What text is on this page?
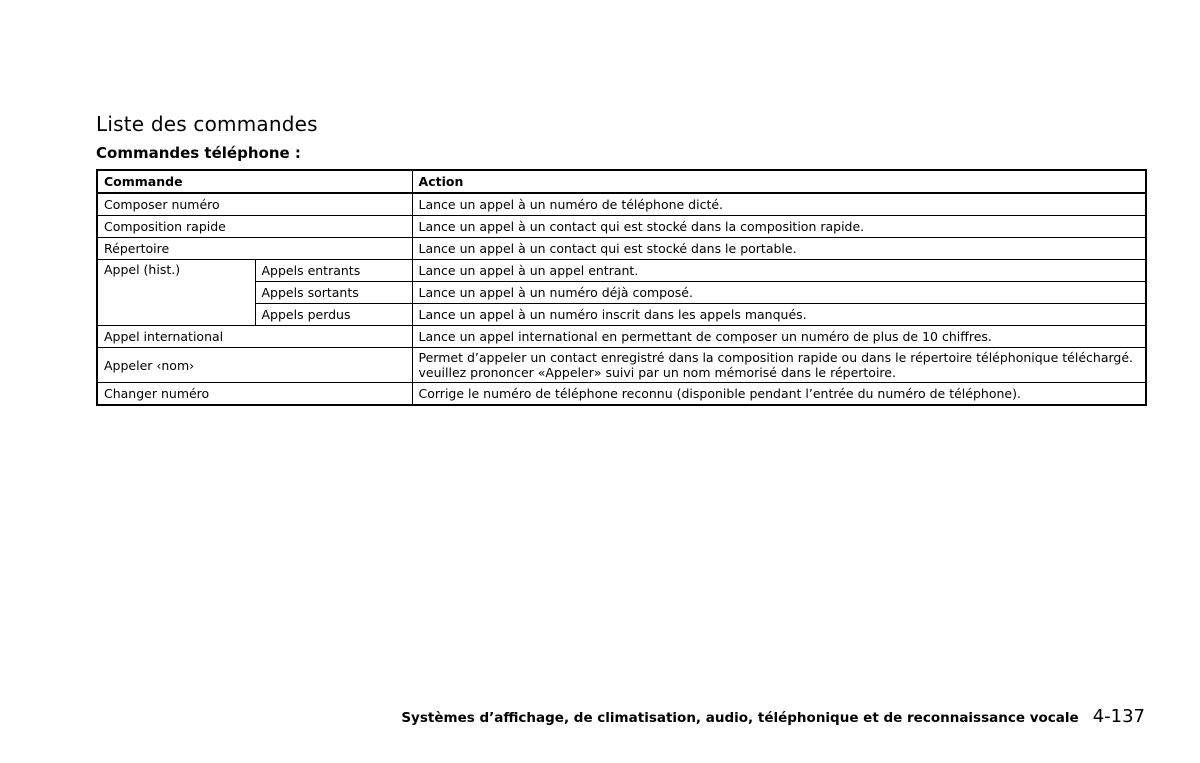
Liste des commandes
Commandes téléphone :
Commande		Action
Composer numéro		Lance un appel à un numéro de téléphone dicté.
Composition rapide		Lance un appel à un contact qui est stocké dans la composition rapide.
Répertoire		Lance un appel à un contact qui est stocké dans le portable.
Appel (hist.)	Appels entrants	Lance un appel à un appel entrant.
	Appels sortants	Lance un appel à un numéro déjà composé.
	Appels perdus	Lance un appel à un numéro inscrit dans les appels manqués.
Appel international		Lance un appel international en permettant de composer un numéro de plus de 10 chiffres.
Appeler ‹nom›		Permet d’appeler un contact enregistré dans la composition rapide ou dans le répertoire téléphonique téléchargé.
veuillez prononcer «Appeler» suivi par un nom mémorisé dans le répertoire.

Changer numéro		Corrige le numéro de téléphone reconnu (disponible pendant l’entrée du numéro de téléphone).
Systèmes d’affichage, de climatisation, audio, téléphonique et de reconnaissance vocale 4-137
